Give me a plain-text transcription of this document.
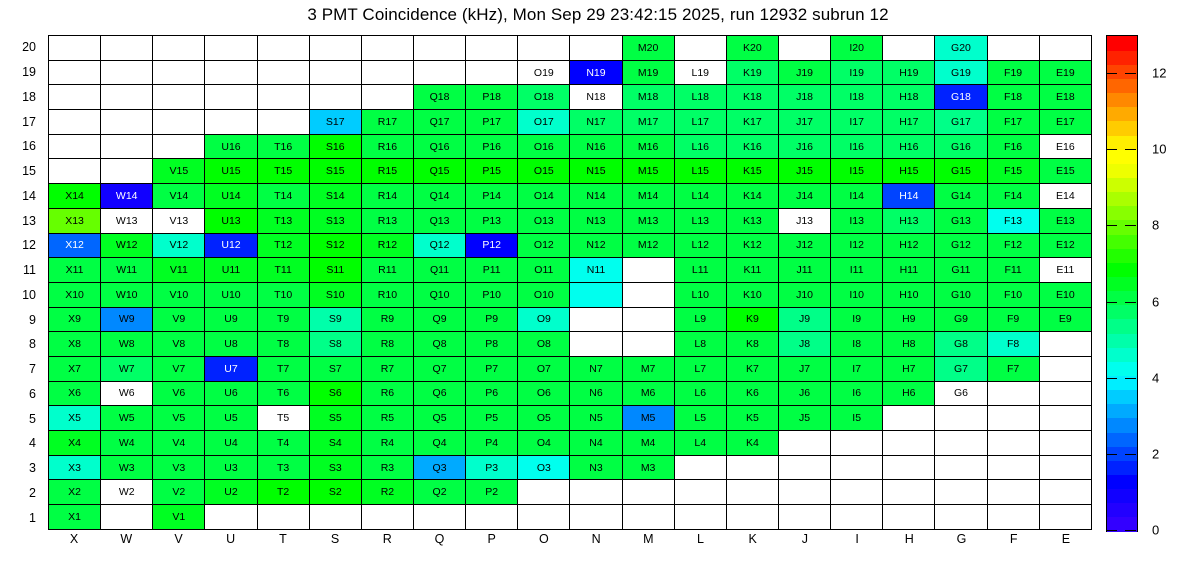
3 PMT Coincidence (kHz), Mon Sep 29 23:42:15 2025, run 12932 subrun 12
1
2
3
4
5
6
7
8
9
10
11
12
13
14
15
16
17
18
19
20
												M20		K20		I20		G20		
									O19	N19	M19	L19	K19	J19	I19	H19	G19	F19	E19
							Q18	P18	O18	N18	M18	L18	K18	J18	I18	H18	G18	F18	E18
					S17	R17	Q17	P17	O17	N17	M17	L17	K17	J17	I17	H17	G17	F17	E17
			U16	T16	S16	R16	Q16	P16	O16	N16	M16	L16	K16	J16	I16	H16	G16	F16	E16
		V15	U15	T15	S15	R15	Q15	P15	O15	N15	M15	L15	K15	J15	I15	H15	G15	F15	E15
X14	W14	V14	U14	T14	S14	R14	Q14	P14	O14	N14	M14	L14	K14	J14	I14	H14	G14	F14	E14
X13	W13	V13	U13	T13	S13	R13	Q13	P13	O13	N13	M13	L13	K13	J13	I13	H13	G13	F13	E13
X12	W12	V12	U12	T12	S12	R12	Q12	P12	O12	N12	M12	L12	K12	J12	I12	H12	G12	F12	E12
X11	W11	V11	U11	T11	S11	R11	Q11	P11	O11	N11		L11	K11	J11	I11	H11	G11	F11	E11
X10	W10	V10	U10	T10	S10	R10	Q10	P10	O10			L10	K10	J10	I10	H10	G10	F10	E10
X9	W9	V9	U9	T9	S9	R9	Q9	P9	O9			L9	K9	J9	I9	H9	G9	F9	E9
X8	W8	V8	U8	T8	S8	R8	Q8	P8	O8			L8	K8	J8	I8	H8	G8	F8	
X7	W7	V7	U7	T7	S7	R7	Q7	P7	O7	N7	M7	L7	K7	J7	I7	H7	G7	F7	
X6	W6	V6	U6	T6	S6	R6	Q6	P6	O6	N6	M6	L6	K6	J6	I6	H6	G6		
X5	W5	V5	U5	T5	S5	R5	Q5	P5	O5	N5	M5	L5	K5	J5	I5				
X4	W4	V4	U4	T4	S4	R4	Q4	P4	O4	N4	M4	L4	K4						
X3	W3	V3	U3	T3	S3	R3	Q3	P3	O3	N3	M3								
X2	W2	V2	U2	T2	S2	R2	Q2	P2											
X1		V1																	
X	W	V	U	T	S	R	Q	P	O	N	M	L	K	J	I	H	G	F	E
0
2
4
6
8
10
12
